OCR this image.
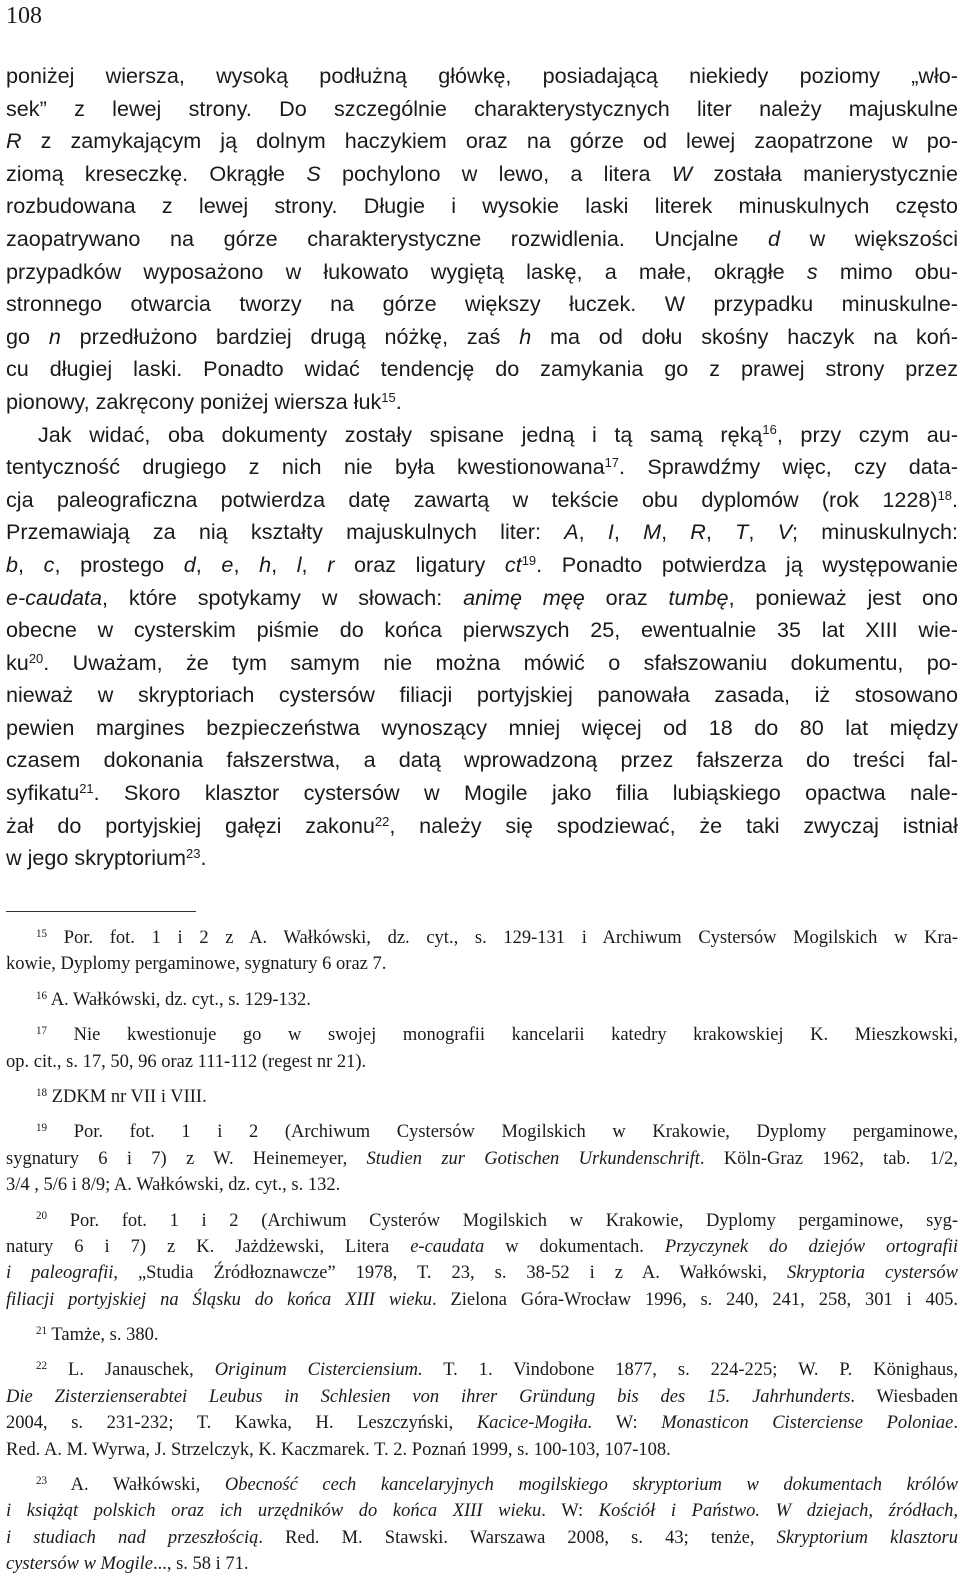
108
poniżej wiersza, wysoką podłużną główkę, posiadającą niekiedy poziomy „wło-
sek” z lewej strony. Do szczególnie charakterystycznych liter należy majuskulne
R z zamykającym ją dolnym haczykiem oraz na górze od lewej zaopatrzone w po-
ziomą kreseczkę. Okrągłe S pochylono w lewo, a litera W została manierystycznie
rozbudowana z lewej strony. Długie i wysokie laski literek minuskulnych często
zaopatrywano na górze charakterystyczne rozwidlenia. Uncjalne d w większości
przypadków wyposażono w łukowato wygiętą laskę, a małe, okrągłe s mimo obu-
stronnego otwarcia tworzy na górze większy łuczek. W przypadku minuskulne-
go n przedłużono bardziej drugą nóżkę, zaś h ma od dołu skośny haczyk na koń-
cu długiej laski. Ponadto widać tendencję do zamykania go z prawej strony przez
pionowy, zakręcony poniżej wiersza łuk$^{15}$.
Jak widać, oba dokumenty zostały spisane jedną i tą samą ręką$^{16}$, przy czym au-
tentyczność drugiego z nich nie była kwestionowana$^{17}$. Sprawdźmy więc, czy data-
cja paleograficzna potwierdza datę zawartą w tekście obu dyplomów (rok 1228)$^{18}$.
Przemawiają za nią kształty majuskulnych liter: A, I, M, R, T, V; minuskulnych:
b, c, prostego d, e, h, l, r oraz ligatury $ct^{19}$. Ponadto potwierdza ją występowanie
e-caudata, które spotykamy w słowach: animę męę oraz tumbę, ponieważ jest ono
obecne w cysterskim piśmie do końca pierwszych 25, ewentualnie 35 lat XIII wie-
$ku^{20}$. Uważam, że tym samym nie można mówić o sfałszowaniu dokumentu, po-
nieważ w skryptoriach cystersów filiacji portyjskiej panowała zasada, iż stosowano
pewien margines bezpieczeństwa wynoszący mniej więcej od 18 do 80 lat między
czasem dokonania fałszerstwa, a datą wprowadzoną przez fałszerza do treści fal-
syfikatu$^{21}$. Skoro klasztor cystersów w Mogile jako filia lubiąskiego opactwa nale-
żał do portyjskiej gałęzi zakonu$^{22}$, należy się spodziewać, że taki zwyczaj istniał
w jego skryptorium$^{23}$.
$^{15}$ Por. fot. 1 i 2 z A. Wałkówski, dz. cyt., s. 129-131 i Archiwum Cystersów Mogilskich w Kra-
kowie, Dyplomy pergaminowe, sygnatury 6 oraz 7.
$^{16}$ A. Wałkówski, dz. cyt., s. 129-132.
$^{17}$ Nie kwestionuje go w swojej monografii kancelarii katedry krakowskiej K. Mieszkowski,
op. cit., s. 17, 50, 96 oraz 111-112 (regest nr 21).
$^{18}$ ZDKM nr VII i VIII.
$^{19}$ Por. fot. 1 i 2 (Archiwum Cystersów Mogilskich w Krakowie, Dyplomy pergaminowe,
sygnatury 6 i 7) z W. Heinemeyer, Studien zur Gotischen Urkundenschrift. Köln-Graz 1962, tab. 1/2,
3/4 , 5/6 i 8/9; A. Wałkówski, dz. cyt., s. 132.
$^{20}$ Por. fot. 1 i 2 (Archiwum Cysterów Mogilskich w Krakowie, Dyplomy pergaminowe, syg-
natury 6 i 7) z K. Jażdżewski, Litera e-caudata w dokumentach. Przyczynek do dziejów ortografii
i paleografii, „Studia Źródłoznawcze” 1978, T. 23, s. 38-52 i z A. Wałkówski, Skryptoria cystersów
filiacji portyjskiej na Śląsku do końca XIII wieku. Zielona Góra-Wrocław 1996, s. 240, 241, 258, 301 i 405.
$^{21}$ Tamże, s. 380.
$^{22}$ L. Janauschek, Originum Cisterciensium. T. 1. Vindobone 1877, s. 224-225; W. P. Könighaus,
Die Zisterzienserabtei Leubus in Schlesien von ihrer Gründung bis des 15. Jahrhunderts. Wiesbaden
2004, s. 231-232; T. Kawka, H. Leszczyński, Kacice-Mogiła. W: Monasticon Cisterciense Poloniae.
Red. A. M. Wyrwa, J. Strzelczyk, K. Kaczmarek. T. 2. Poznań 1999, s. 100-103, 107-108.
$^{23}$ A. Wałkówski, Obecność cech kancelaryjnych mogilskiego skryptorium w dokumentach królów
i książąt polskich oraz ich urzędników do końca XIII wieku. W: Kościół i Państwo. W dziejach, źródłach,
i studiach nad przeszłością. Red. M. Stawski. Warszawa 2008, s. 43; tenże, Skryptorium klasztoru
cystersów w Mogile..., s. 58 i 71.
